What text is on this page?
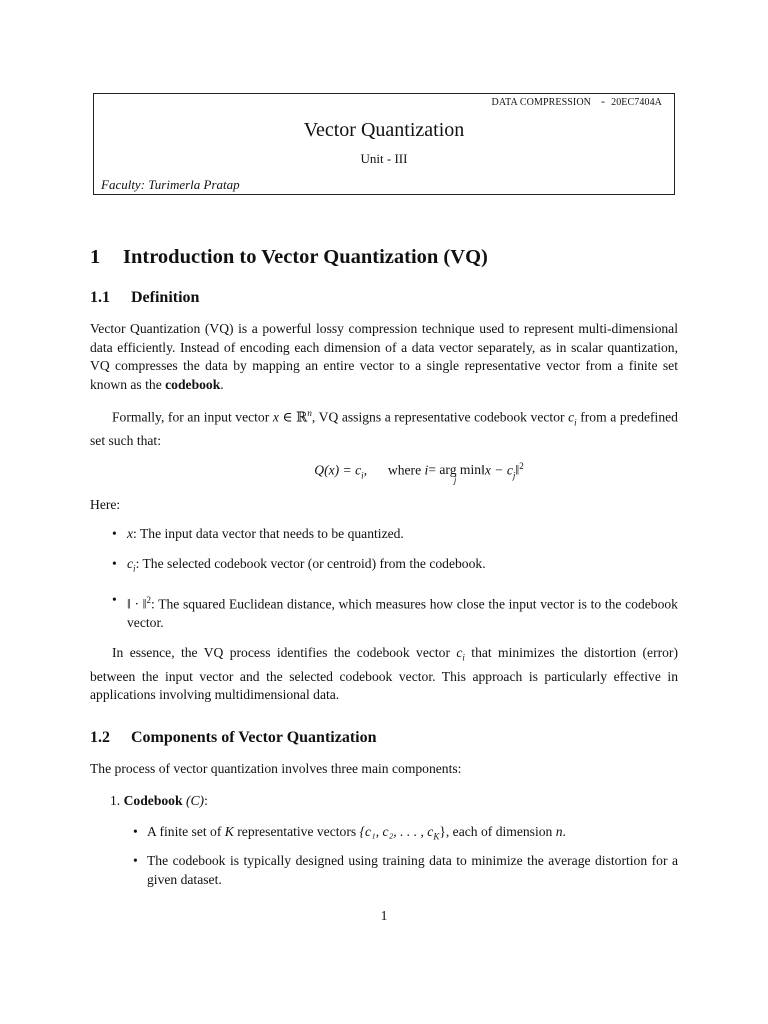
DATA COMPRESSION - 20EC7404A
Vector Quantization
Unit - III
Faculty: Turimerla Pratap
1 Introduction to Vector Quantization (VQ)
1.1 Definition

Vector Quantization (VQ) is a powerful lossy compression technique used to represent multi-dimensional data efficiently. Instead of encoding each dimension of a data vector separately, as in scalar quantization, VQ compresses the data by mapping an entire vector to a single representative vector from a finite set known as the codebook.

Formally, for an input vector x ∈ ℝ$^n$, VQ assigns a representative codebook vector $c_i$ from a predefined set such that:

$Q(x) = c_i$, where i= arg min
j
‖x − $c_j‖^2$

Here:

• x: The input data vector that needs to be quantized.
• $c_i$: The selected codebook vector (or centroid) from the codebook.
• ‖ · ‖$^2$: The squared Euclidean distance, which measures how close the input vector is to the codebook vector.

In essence, the VQ process identifies the codebook vector $c_i$ that minimizes the distortion (error) between the input vector and the selected codebook vector. This approach is particularly effective in applications involving multidimensional data.

1.2 Components of Vector Quantization

The process of vector quantization involves three main components:

1. Codebook (C):
• A finite set of K representative vectors {c₁, c₂, . . . , $c_K$}, each of dimension n.
• The codebook is typically designed using training data to minimize the average distortion for a given dataset.
1
